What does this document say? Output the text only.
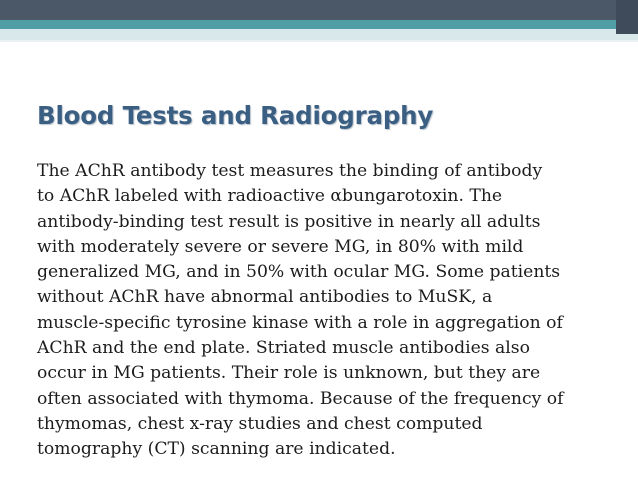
Blood Tests and Radiography
The AChR antibody test measures the binding of antibody
to AChR labeled with radioactive αbungarotoxin. The
antibody-binding test result is positive in nearly all adults
with moderately severe or severe MG, in 80% with mild
generalized MG, and in 50% with ocular MG. Some patients
without AChR have abnormal antibodies to MuSK, a
muscle-specific tyrosine kinase with a role in aggregation of
AChR and the end plate. Striated muscle antibodies also
occur in MG patients. Their role is unknown, but they are
often associated with thymoma. Because of the frequency of
thymomas, chest x-ray studies and chest computed
tomography (CT) scanning are indicated.
